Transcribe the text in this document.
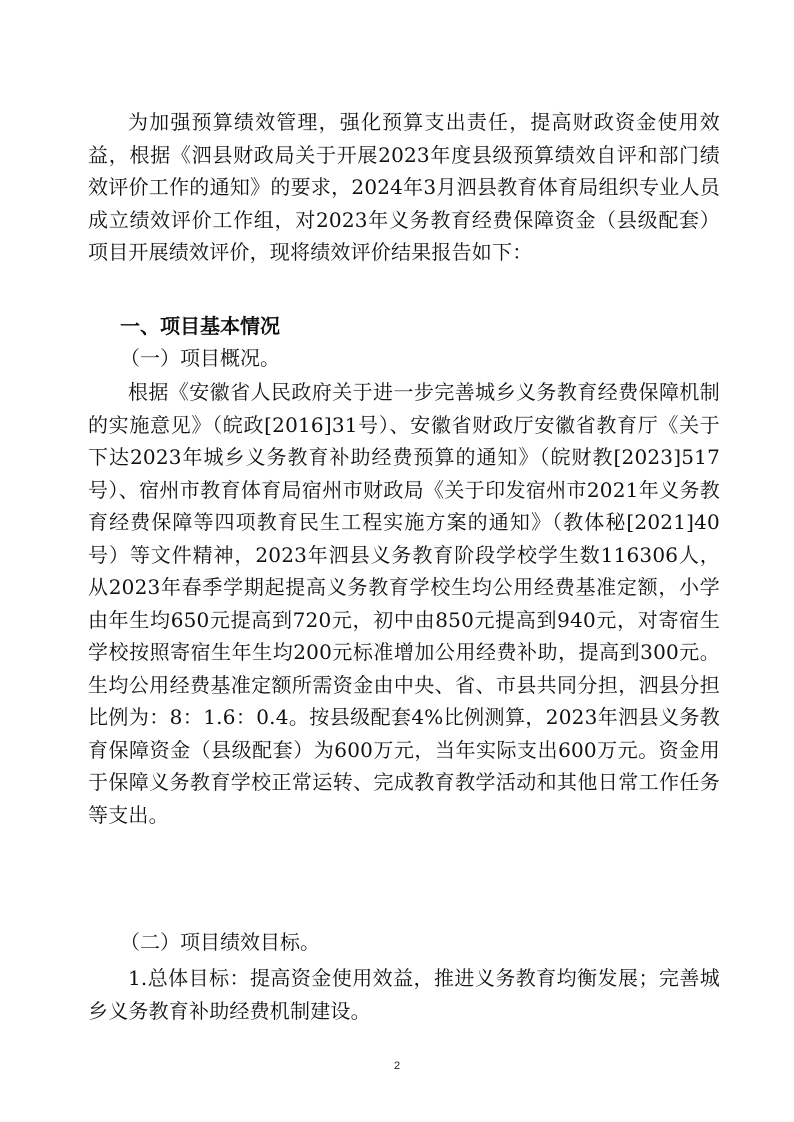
为加强预算绩效管理，强化预算支出责任，提高财政资金使用效益，根据《泗县财政局关于开展2023年度县级预算绩效自评和部门绩效评价工作的通知》的要求，2024年3月泗县教育体育局组织专业人员成立绩效评价工作组，对2023年义务教育经费保障资金（县级配套）项目开展绩效评价，现将绩效评价结果报告如下：

一、项目基本情况

（一）项目概况。

根据《安徽省人民政府关于进一步完善城乡义务教育经费保障机制的实施意见》（皖政[2016]31号）、安徽省财政厅安徽省教育厅《关于下达2023年城乡义务教育补助经费预算的通知》（皖财教[2023]517号）、宿州市教育体育局宿州市财政局《关于印发宿州市2021年义务教育经费保障等四项教育民生工程实施方案的通知》（教体秘[2021]40号）等文件精神，2023年泗县义务教育阶段学校学生数116306人，从2023年春季学期起提高义务教育学校生均公用经费基准定额，小学由年生均650元提高到720元，初中由850元提高到940元，对寄宿生学校按照寄宿生年生均200元标准增加公用经费补助，提高到300元。生均公用经费基准定额所需资金由中央、省、市县共同分担，泗县分担比例为：8：1.6：0.4。按县级配套4%比例测算，2023年泗县义务教育保障资金（县级配套）为600万元，当年实际支出600万元。资金用于保障义务教育学校正常运转、完成教育教学活动和其他日常工作任务等支出。

（二）项目绩效目标。

1.总体目标：提高资金使用效益，推进义务教育均衡发展；完善城乡义务教育补助经费机制建设。

2
